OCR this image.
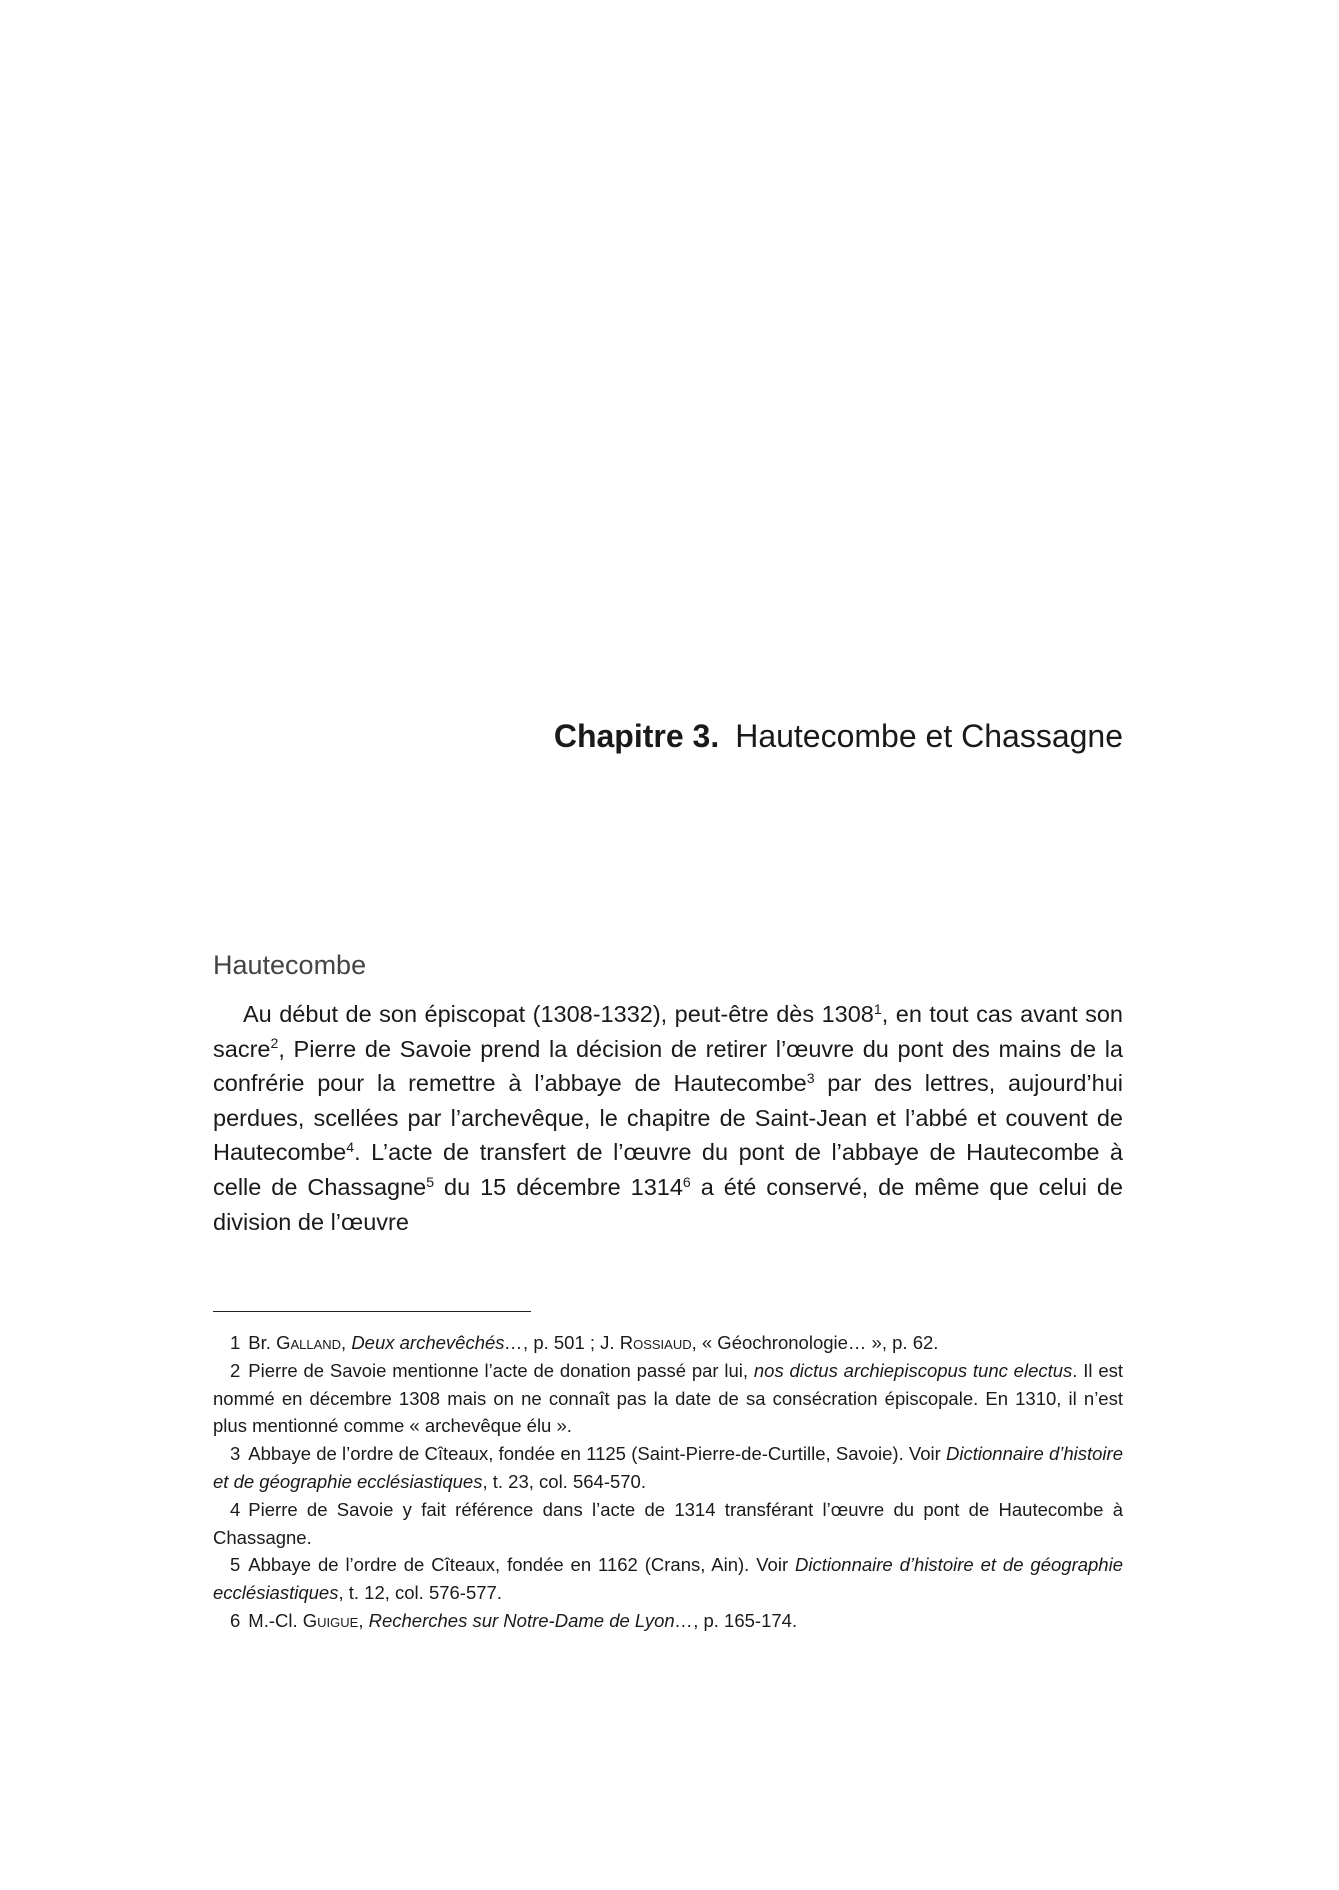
Chapitre 3. Hautecombe et Chassagne
Hautecombe

Au début de son épiscopat (1308-1332), peut-être dès 1308$^1$, en tout cas avant son sacre$^2$, Pierre de Savoie prend la décision de retirer l’œuvre du pont des mains de la confrérie pour la remettre à l’abbaye de Hautecombe$^3$ par des lettres, aujourd’hui perdues, scellées par l’archevêque, le chapitre de Saint-Jean et l’abbé et couvent de Hautecombe$^4$. L’acte de transfert de l’œuvre du pont de l’abbaye de Hautecombe à celle de Chassagne$^5$ du 15 décembre 1314$^6$ a été conservé, de même que celui de division de l’œuvre

1 Br. Galland, Deux archevêchés…, p. 501 ; J. Rossiaud, « Géochronologie… », p. 62.

2 Pierre de Savoie mentionne l’acte de donation passé par lui, nos dictus archiepiscopus tunc electus. Il est nommé en décembre 1308 mais on ne connaît pas la date de sa consécration épiscopale. En 1310, il n’est plus mentionné comme « archevêque élu ».

3 Abbaye de l’ordre de Cîteaux, fondée en 1125 (Saint-Pierre-de-Curtille, Savoie). Voir Dictionnaire d’histoire et de géographie ecclésiastiques, t. 23, col. 564-570.

4 Pierre de Savoie y fait référence dans l’acte de 1314 transférant l’œuvre du pont de Hautecombe à Chassagne.

5 Abbaye de l’ordre de Cîteaux, fondée en 1162 (Crans, Ain). Voir Dictionnaire d’histoire et de géographie ecclésiastiques, t. 12, col. 576-577.

6 M.-Cl. Guigue, Recherches sur Notre-Dame de Lyon…, p. 165-174.
